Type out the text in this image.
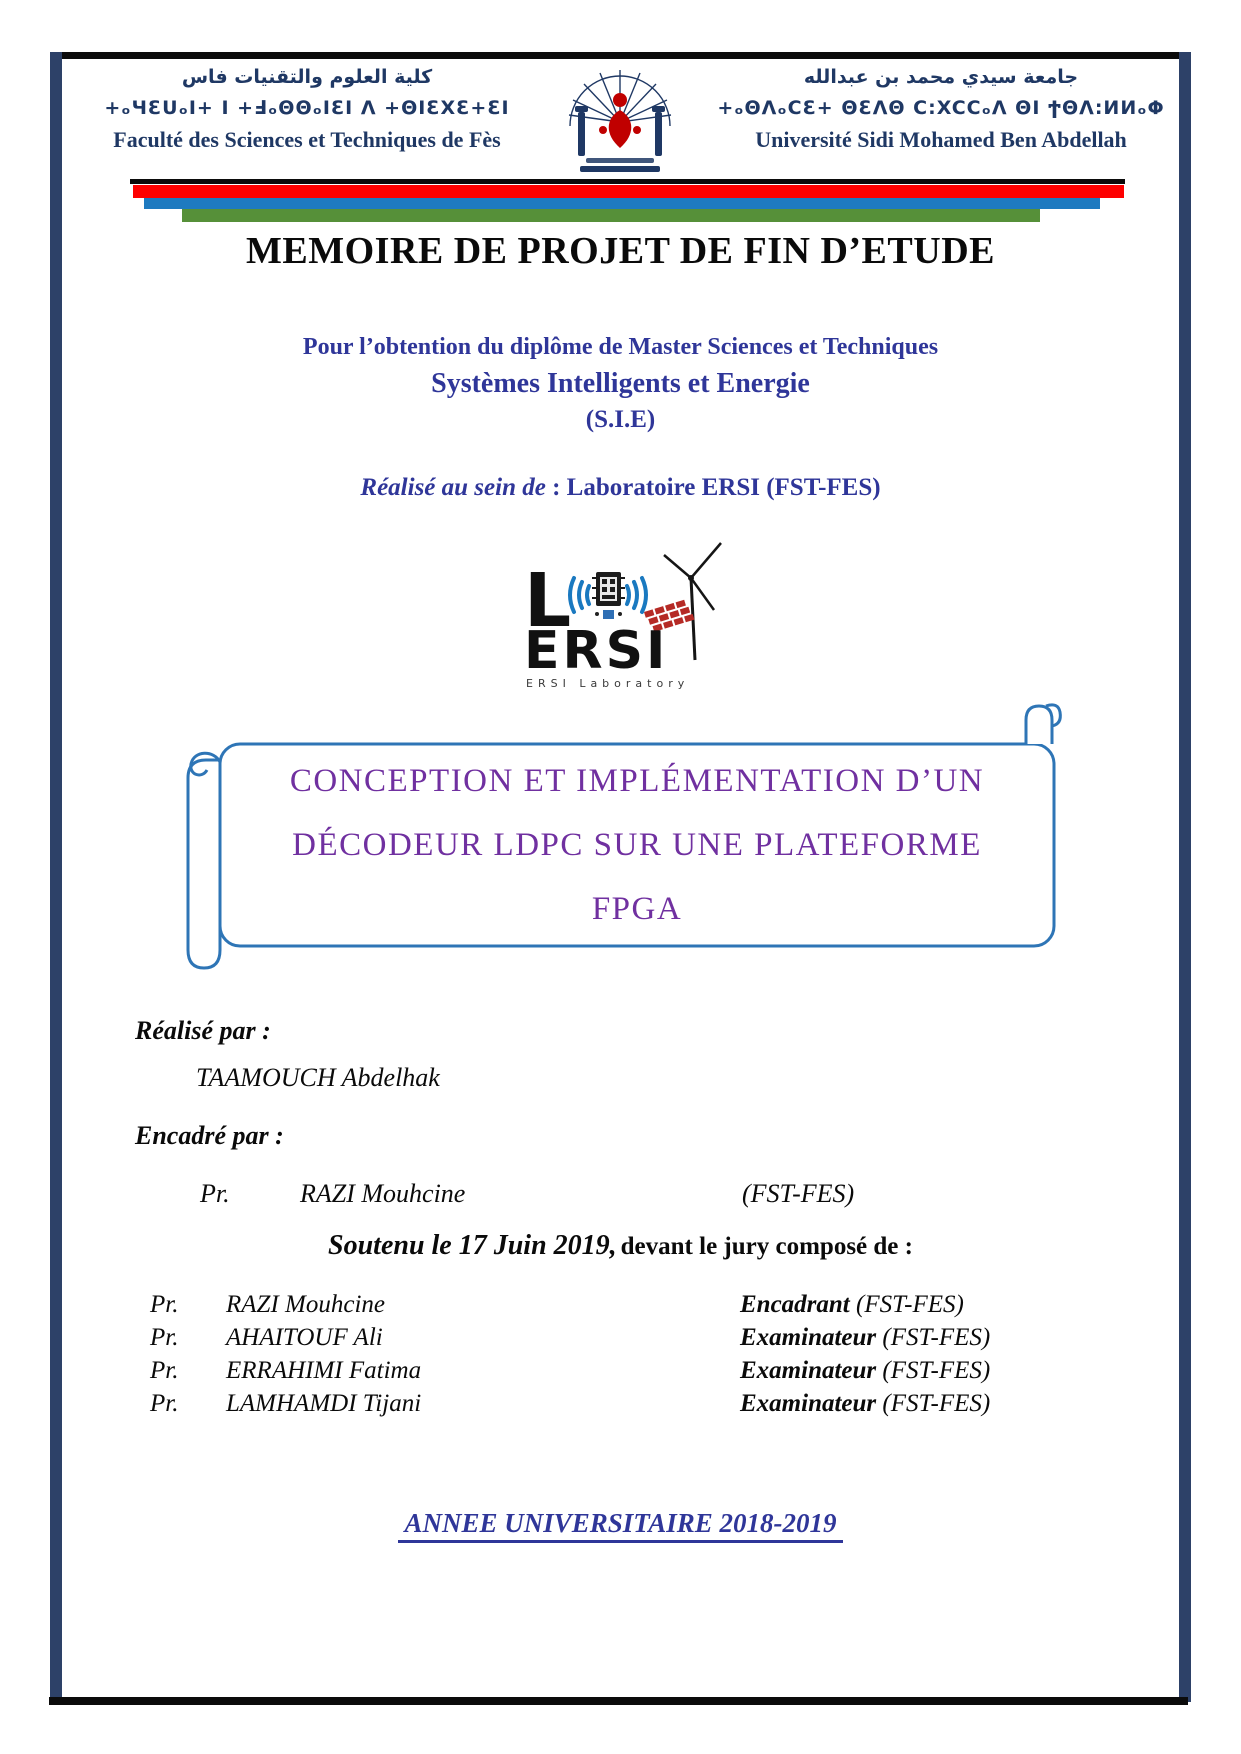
كلية العلوم والتقنيات فاس
+ₒЧƐUₒI+ I +ℲₒΘΘₒIƐI Λ +ΘIƐXƐ+ƐI
Faculté des Sciences et Techniques de Fès
جامعة سيدي محمد بن عبدالله
+ₒΘΛₒCƐ+ ΘƐΛΘ C:XCCₒΛ ΘI ϮΘΛ:ИИₒΦ
Université Sidi Mohamed Ben Abdellah
MEMOIRE DE PROJET DE FIN D’ETUDE
Pour l’obtention du diplôme de Master Sciences et Techniques
Systèmes Intelligents et Energie
(S.I.E)
Réalisé au sein de : Laboratoire ERSI (FST-FES)
L
ERSI
ERSI Laboratory
CONCEPTION ET IMPLÉMENTATION D’UN
DÉCODEUR LDPC SUR UNE PLATEFORME
FPGA
Réalisé par :
TAAMOUCH Abdelhak
Encadré par :
Pr.	RAZI Mouhcine	(FST-FES)
Soutenu le 17 Juin 2019, devant le jury composé de :
Pr. RAZI Mouhcine	Encadrant (FST-FES)
Pr. AHAITOUF Ali	Examinateur (FST-FES)
Pr. ERRAHIMI Fatima	Examinateur (FST-FES)
Pr. LAMHAMDI Tijani	Examinateur (FST-FES)
ANNEE UNIVERSITAIRE 2018-2019
